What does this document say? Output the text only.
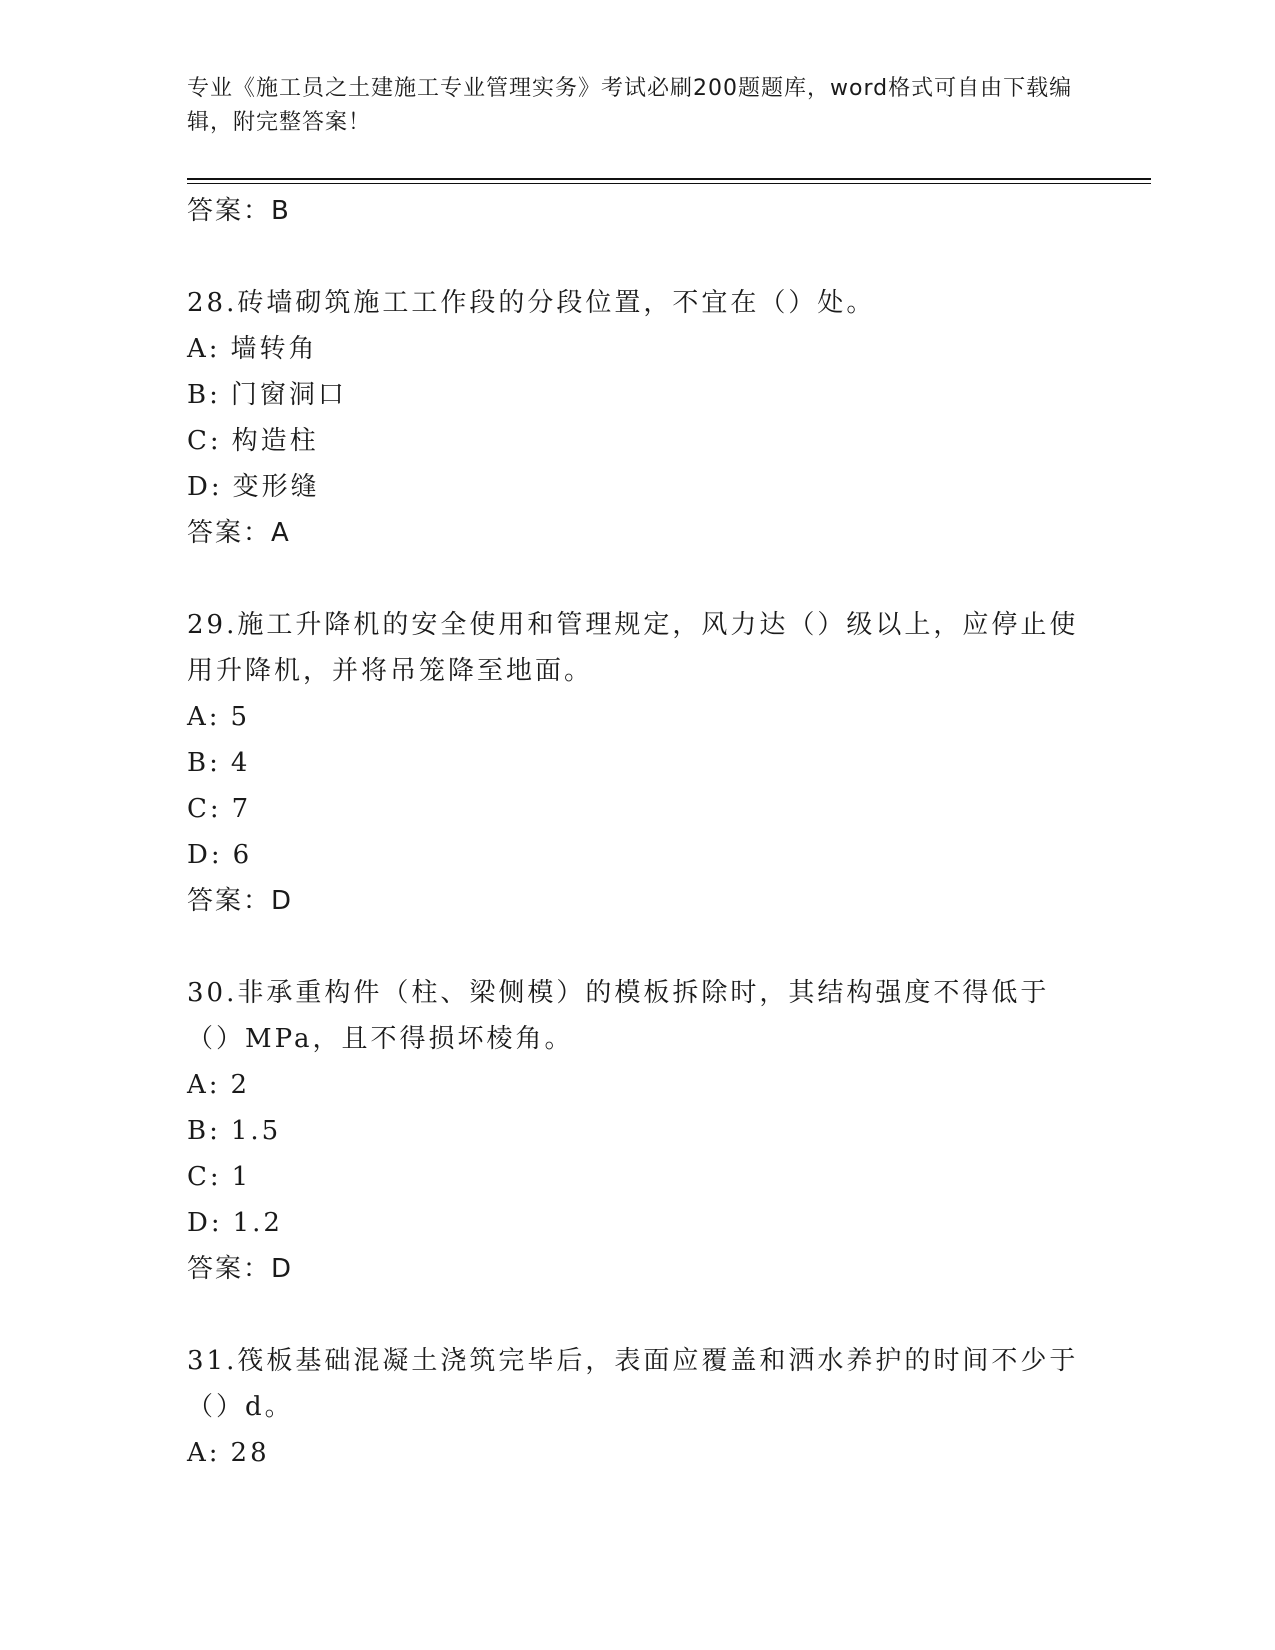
专业《施工员之土建施工专业管理实务》考试必刷200题题库，word格式可自由下载编辑，附完整答案！
答案：B
28.砖墙砌筑施工工作段的分段位置，不宜在（）处。
A: 墙转角
B: 门窗洞口
C: 构造柱
D: 变形缝
答案：A
29.施工升降机的安全使用和管理规定，风力达（）级以上，应停止使用升降机，并将吊笼降至地面。
A: 5
B: 4
C: 7
D: 6
答案：D
30.非承重构件（柱、梁侧模）的模板拆除时，其结构强度不得低于（）MPa，且不得损坏棱角。
A: 2
B: 1.5
C: 1
D: 1.2
答案：D
31.筏板基础混凝土浇筑完毕后，表面应覆盖和洒水养护的时间不少于（）d。
A: 28
